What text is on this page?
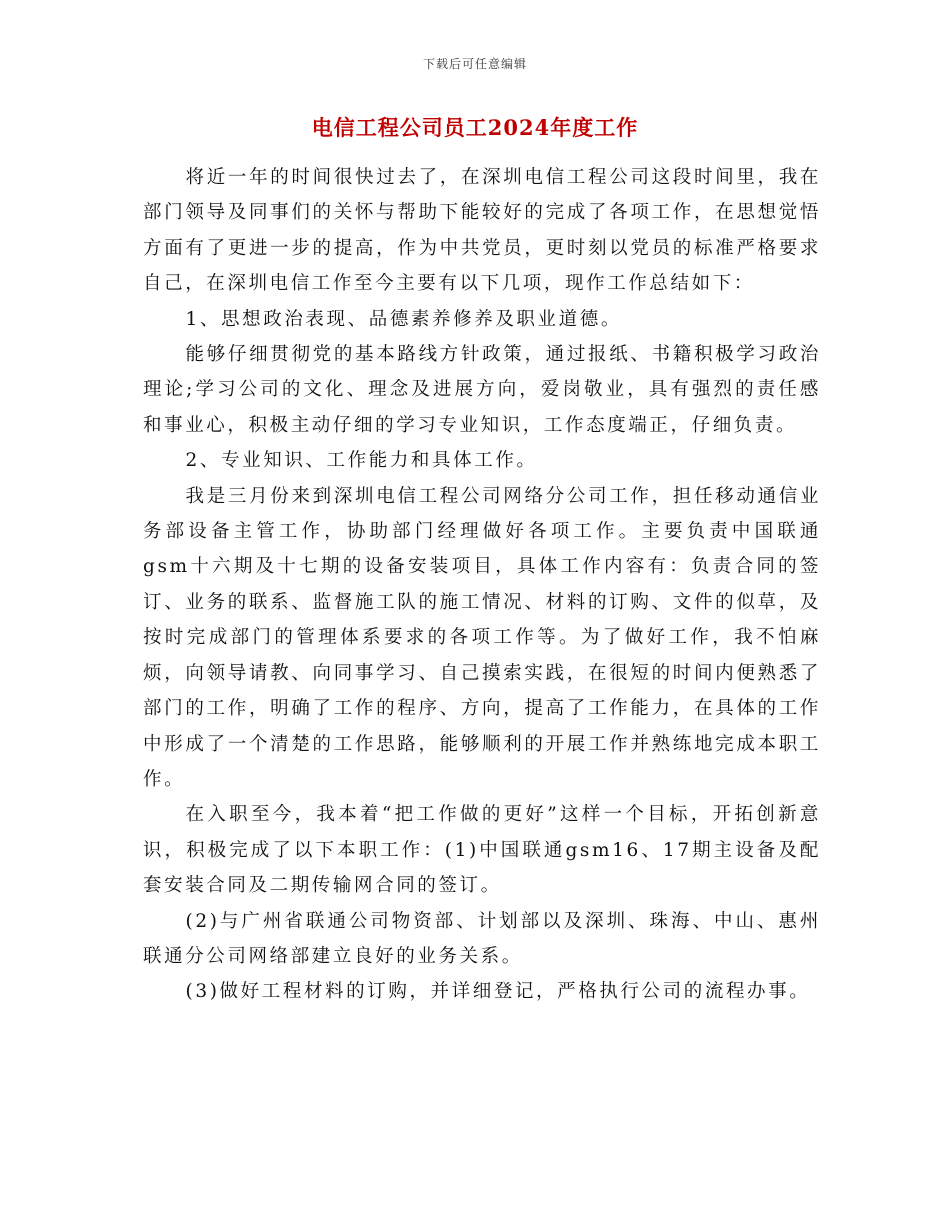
下载后可任意编辑
电信工程公司员工2024年度工作

将近一年的时间很快过去了，在深圳电信工程公司这段时间里，我在部门领导及同事们的关怀与帮助下能较好的完成了各项工作，在思想觉悟方面有了更进一步的提高，作为中共党员，更时刻以党员的标准严格要求自己，在深圳电信工作至今主要有以下几项，现作工作总结如下：

1、思想政治表现、品德素养修养及职业道德。

能够仔细贯彻党的基本路线方针政策，通过报纸、书籍积极学习政治理论;学习公司的文化、理念及进展方向，爱岗敬业，具有强烈的责任感和事业心，积极主动仔细的学习专业知识，工作态度端正，仔细负责。

2、专业知识、工作能力和具体工作。

我是三月份来到深圳电信工程公司网络分公司工作，担任移动通信业务部设备主管工作，协助部门经理做好各项工作。主要负责中国联通gsm十六期及十七期的设备安装项目，具体工作内容有：负责合同的签订、业务的联系、监督施工队的施工情况、材料的订购、文件的似草，及按时完成部门的管理体系要求的各项工作等。为了做好工作，我不怕麻烦，向领导请教、向同事学习、自己摸索实践，在很短的时间内便熟悉了部门的工作，明确了工作的程序、方向，提高了工作能力，在具体的工作中形成了一个清楚的工作思路，能够顺利的开展工作并熟练地完成本职工作。

在入职至今，我本着“把工作做的更好”这样一个目标，开拓创新意识，积极完成了以下本职工作：(1)中国联通gsm16、17期主设备及配套安装合同及二期传输网合同的签订。

(2)与广州省联通公司物资部、计划部以及深圳、珠海、中山、惠州联通分公司网络部建立良好的业务关系。

(3)做好工程材料的订购，并详细登记，严格执行公司的流程办事。
